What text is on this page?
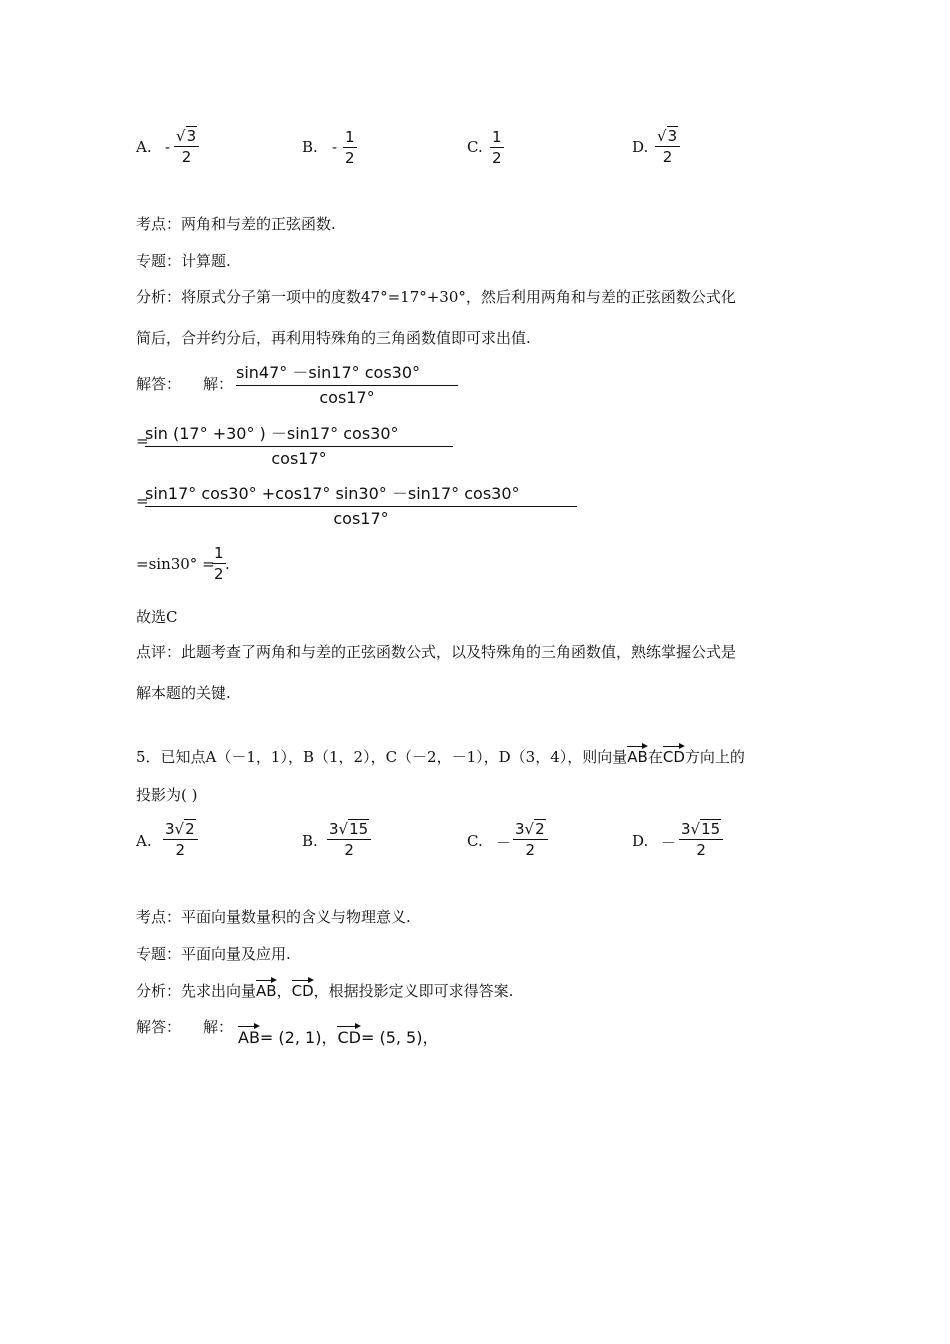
A. - $\frac{√3}{2}$	B. - $\frac{1}{2}$	C. $\frac{1}{2}$	D. $\frac{√3}{2}$
考点：两角和与差的正弦函数.
专题：计算题.
分析：将原式分子第一项中的度数47°=17°+30°，然后利用两角和与差的正弦函数公式化
简后，合并约分后，再利用特殊角的三角函数值即可求出值.
解答： 解： $\frac{\sin 47^\circ -\sin 17^\circ \cos 30^\circ}{\cos 17^\circ}$
=
$\frac{\sin (17^\circ +30^\circ ) -\sin 17^\circ \cos 30^\circ}{\cos 17^\circ}$
=
$\frac{\sin 17^\circ \cos 30^\circ +\cos 17^\circ \sin 30^\circ -\sin 17^\circ \cos 30^\circ}{\cos 17^\circ}$
=sin30° =
$\frac{1}{2}$ .
故选C
点评：此题考查了两角和与差的正弦函数公式，以及特殊角的三角函数值，熟练掌握公式是
解本题的关键.
5．已知点A（－1，1），B（1，2），C（－2，－1），D（3，4），则向量AB在CD方向上的
投影为( )
A. $\frac{3√2}{2}$	B. $\frac{3√15}{2}$	C. － $\frac{3√2}{2}$	D. － $\frac{3√15}{2}$
考点：平面向量数量积的含义与物理意义.
专题：平面向量及应用.
分析：先求出向量AB，CD，根据投影定义即可求得答案.
解答： 解：
AB= (2, 1)，CD= (5, 5)，
